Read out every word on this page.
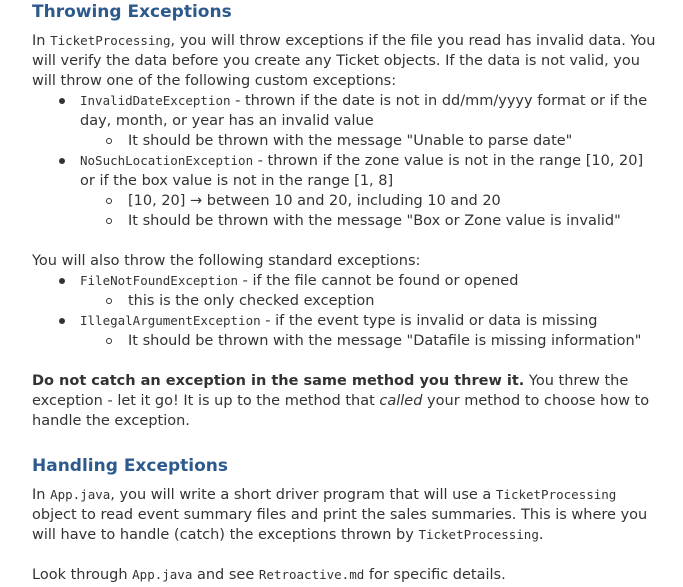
Throwing Exceptions

In TicketProcessing, you will throw exceptions if the file you read has invalid data. You will verify the data before you create any Ticket objects. If the data is not valid, you will throw one of the following custom exceptions:

InvalidDateException - thrown if the date is not in dd/mm/yyyy format or if the day, month, or year has an invalid value
It should be thrown with the message "Unable to parse date"
NoSuchLocationException - thrown if the zone value is not in the range [10, 20] or if the box value is not in the range [1, 8]
[10, 20] → between 10 and 20, including 10 and 20
It should be thrown with the message "Box or Zone value is invalid"

You will also throw the following standard exceptions:

FileNotFoundException - if the file cannot be found or opened
this is the only checked exception
IllegalArgumentException - if the event type is invalid or data is missing
It should be thrown with the message "Datafile is missing information"

Do not catch an exception in the same method you threw it. You threw the exception - let it go! It is up to the method that called your method to choose how to handle the exception.

Handling Exceptions

In App.java, you will write a short driver program that will use a TicketProcessing object to read event summary files and print the sales summaries. This is where you will have to handle (catch) the exceptions thrown by TicketProcessing.

Look through App.java and see Retroactive.md for specific details.
